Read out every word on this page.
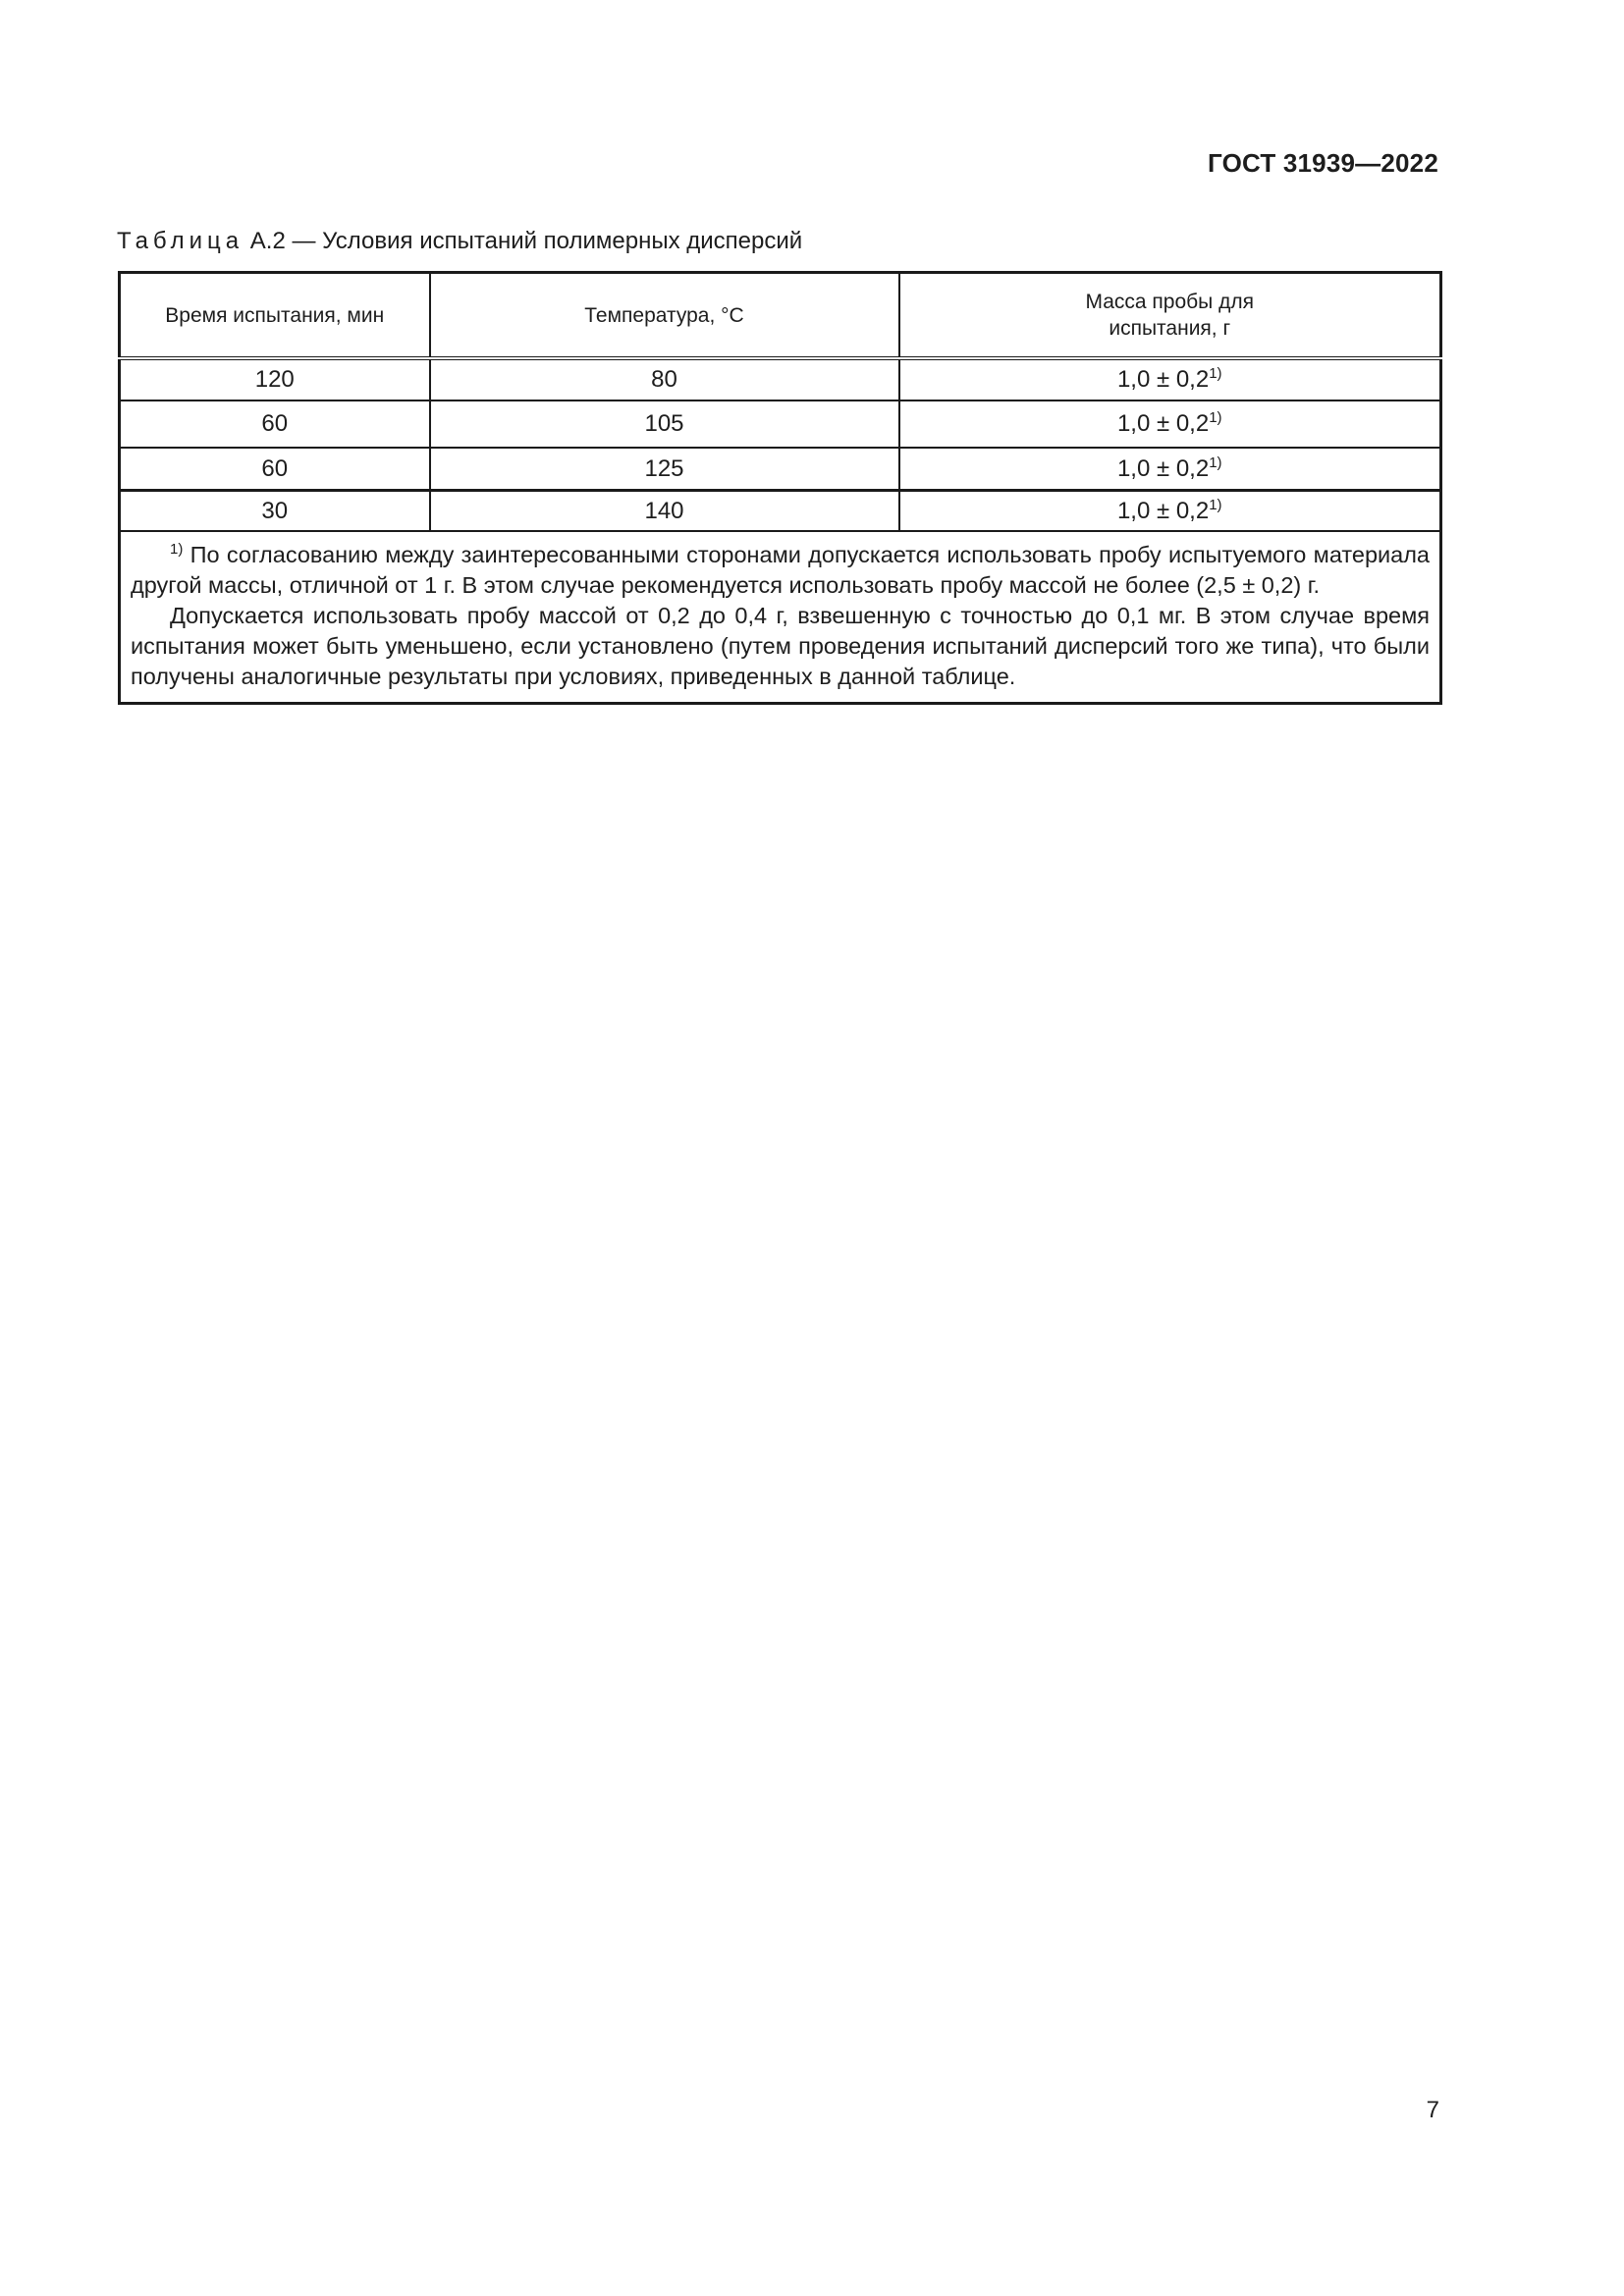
ГОСТ 31939—2022
Таблица А.2 — Условия испытаний полимерных дисперсий
Время испытания, мин	Температура, °С	Масса пробы для испытания, г
120	80	1,0 ± 0,2$^{1)}$
60	105	1,0 ± 0,2$^{1)}$
60	125	1,0 ± 0,2$^{1)}$
30	140	1,0 ± 0,2$^{1)}$

$^{1)}$ По согласованию между заинтересованными сторонами допускается использовать пробу испытуемого материала другой массы, отличной от 1 г. В этом случае рекомендуется использовать пробу массой не более (2,5 ± 0,2) г.

Допускается использовать пробу массой от 0,2 до 0,4 г, взвешенную с точностью до 0,1 мг. В этом случае время испытания может быть уменьшено, если установлено (путем проведения испытаний дисперсий того же типа), что были получены аналогичные результаты при условиях, приведенных в данной таблице.		

7
